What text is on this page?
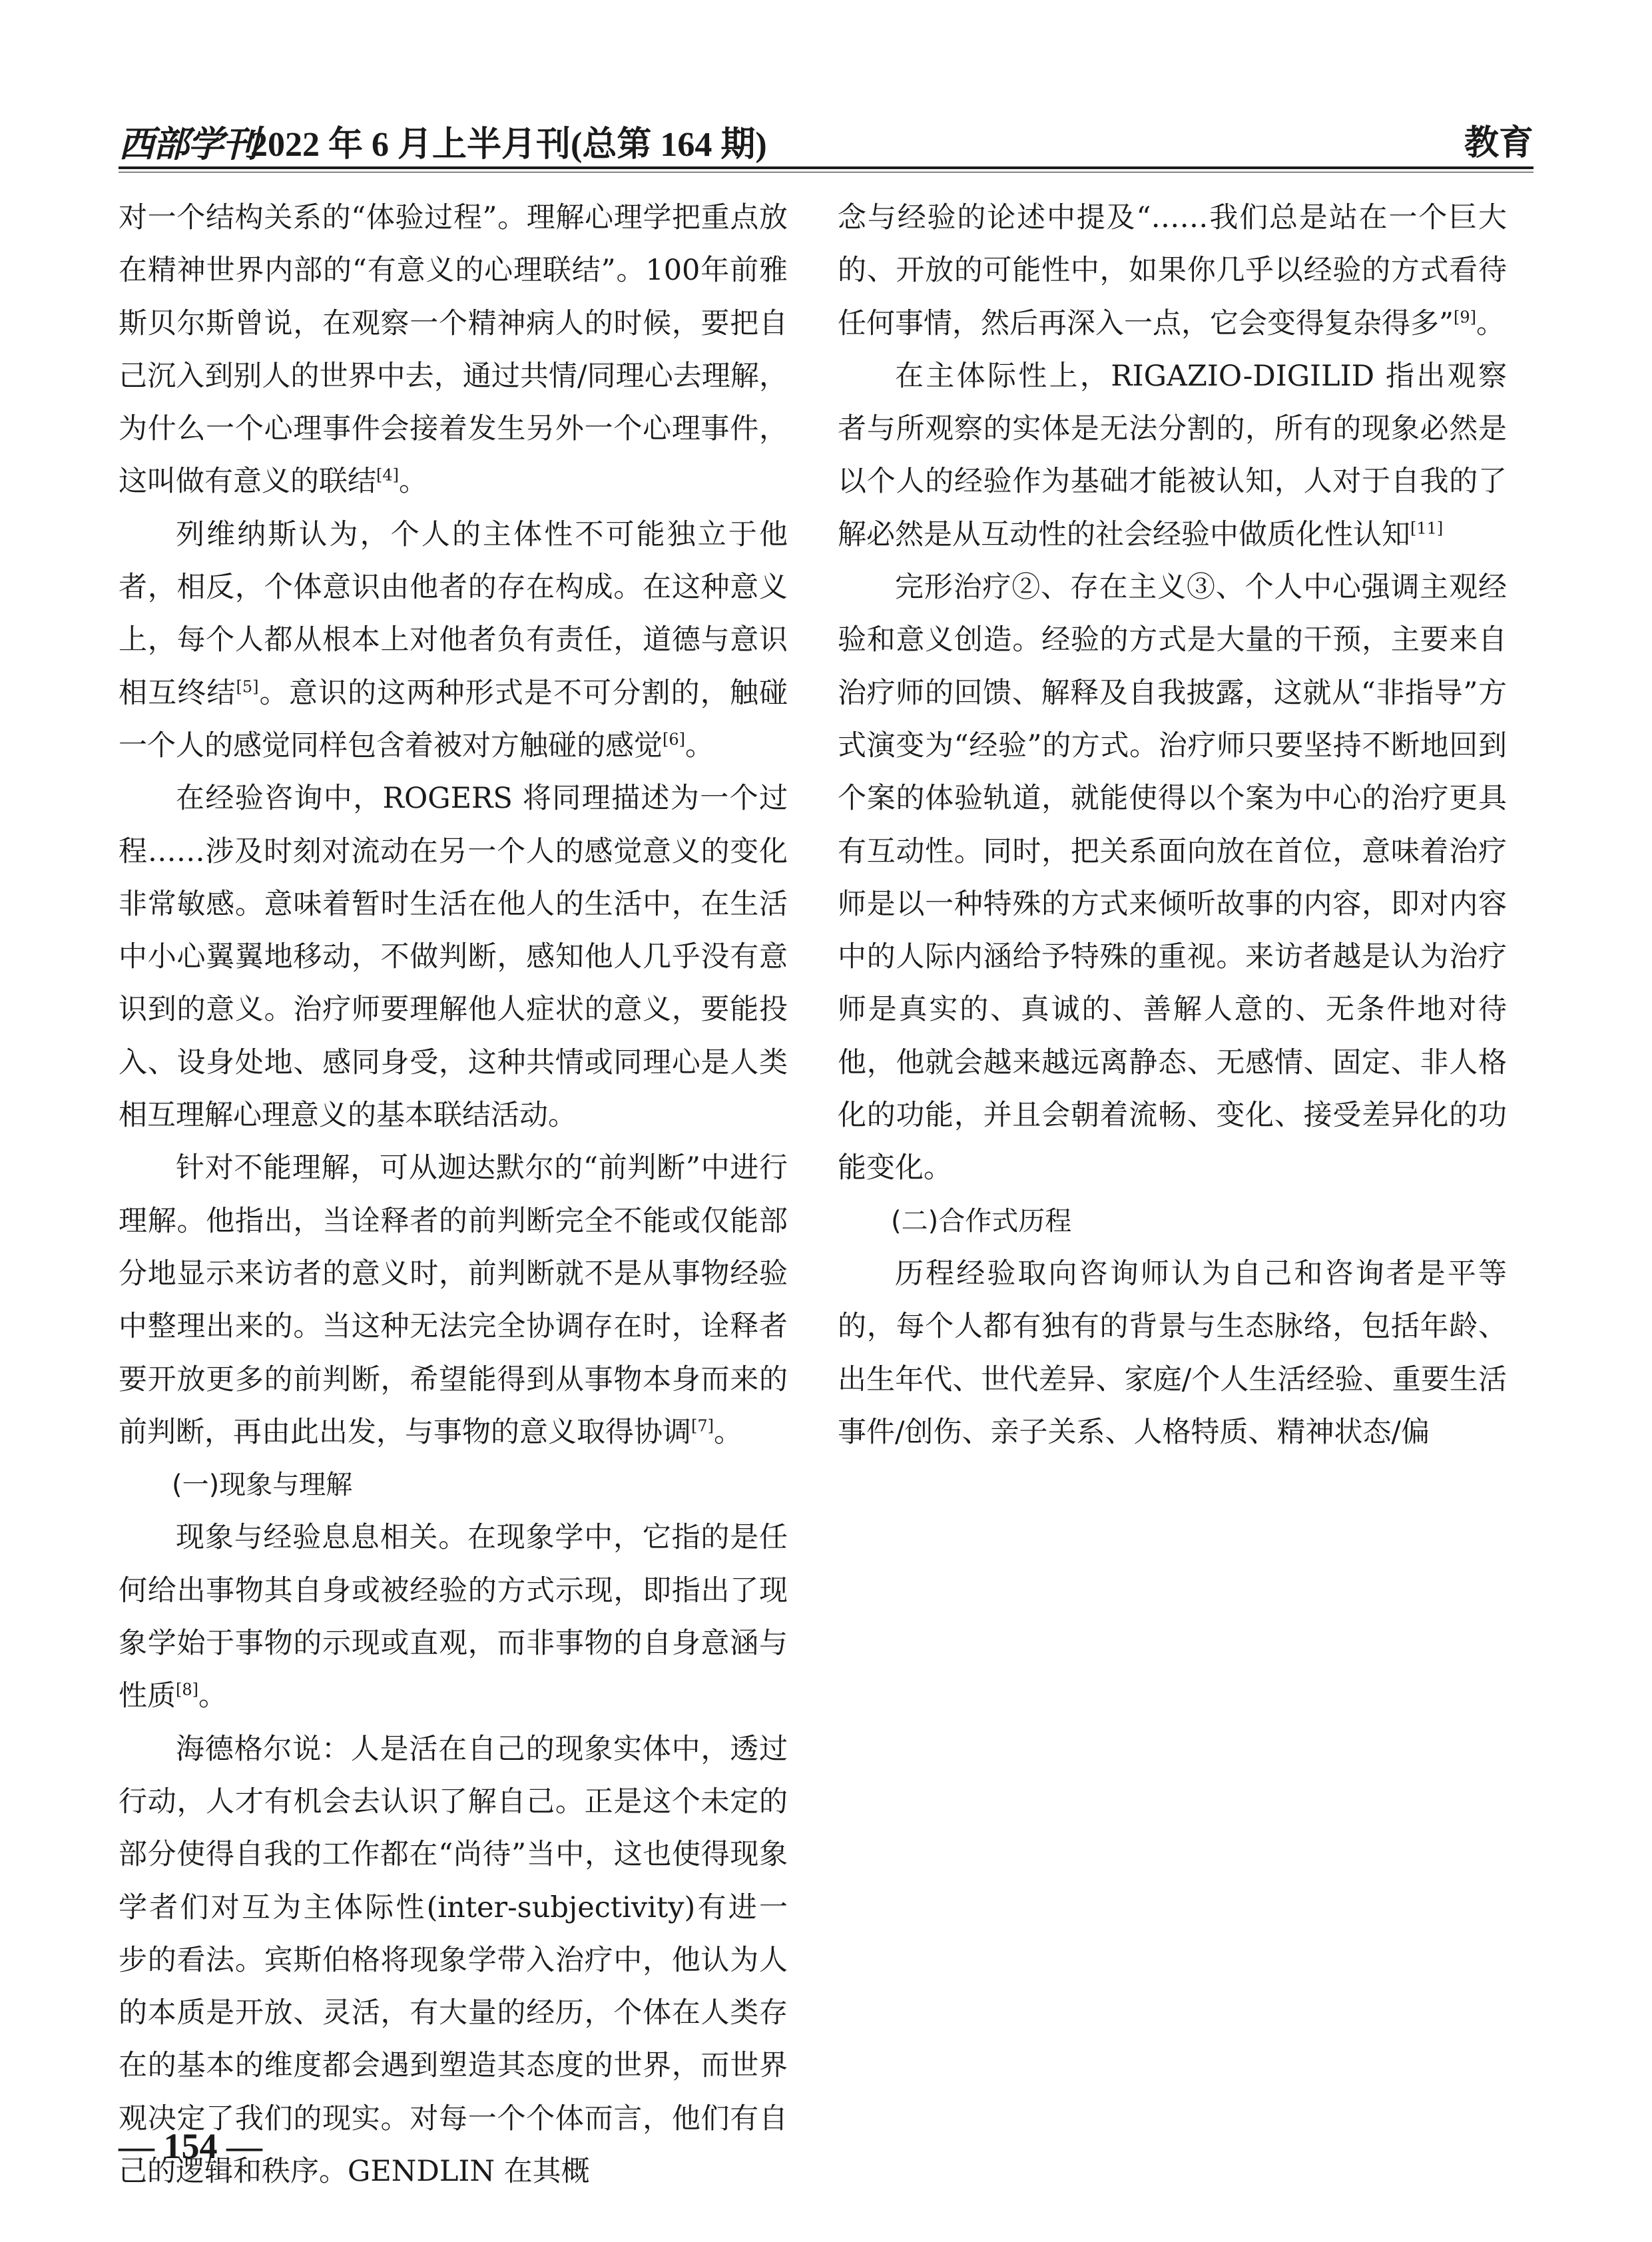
西部学刊
2022 年 6 月上半月刊(总第 164 期)	教育

对一个结构关系的“体验过程”。理解心理学把重点放在精神世界内部的“有意义的心理联结”。100年前雅斯贝尔斯曾说，在观察一个精神病人的时候，要把自己沉入到别人的世界中去，通过共情/同理心去理解，为什么一个心理事件会接着发生另外一个心理事件，这叫做有意义的联结[4]。

列维纳斯认为，个人的主体性不可能独立于他者，相反，个体意识由他者的存在构成。在这种意义上，每个人都从根本上对他者负有责任，道德与意识相互终结[5]。意识的这两种形式是不可分割的，触碰一个人的感觉同样包含着被对方触碰的感觉[6]。

在经验咨询中，ROGERS 将同理描述为一个过程……涉及时刻对流动在另一个人的感觉意义的变化非常敏感。意味着暂时生活在他人的生活中，在生活中小心翼翼地移动，不做判断，感知他人几乎没有意识到的意义。治疗师要理解他人症状的意义，要能投入、设身处地、感同身受，这种共情或同理心是人类相互理解心理意义的基本联结活动。

针对不能理解，可从迦达默尔的“前判断”中进行理解。他指出，当诠释者的前判断完全不能或仅能部分地显示来访者的意义时，前判断就不是从事物经验中整理出来的。当这种无法完全协调存在时，诠释者要开放更多的前判断，希望能得到从事物本身而来的前判断，再由此出发，与事物的意义取得协调[7]。

(一)现象与理解

现象与经验息息相关。在现象学中，它指的是任何给出事物其自身或被经验的方式示现，即指出了现象学始于事物的示现或直观，而非事物的自身意涵与性质[8]。

海德格尔说：人是活在自己的现象实体中，透过行动，人才有机会去认识了解自己。正是这个未定的部分使得自我的工作都在“尚待”当中，这也使得现象学者们对互为主体际性(inter-subjectivity)有进一步的看法。宾斯伯格将现象学带入治疗中，他认为人的本质是开放、灵活，有大量的经历，个体在人类存在的基本的维度都会遇到塑造其态度的世界，而世界观决定了我们的现实。对每一个个体而言，他们有自己的逻辑和秩序。GENDLIN 在其概

念与经验的论述中提及“……我们总是站在一个巨大的、开放的可能性中，如果你几乎以经验的方式看待任何事情，然后再深入一点，它会变得复杂得多”[9]。

在主体际性上，RIGAZIO-DIGILID 指出观察者与所观察的实体是无法分割的，所有的现象必然是以个人的经验作为基础才能被认知，人对于自我的了解必然是从互动性的社会经验中做质化性认知[11]

完形治疗②、存在主义③、个人中心强调主观经验和意义创造。经验的方式是大量的干预，主要来自治疗师的回馈、解释及自我披露，这就从“非指导”方式演变为“经验”的方式。治疗师只要坚持不断地回到个案的体验轨道，就能使得以个案为中心的治疗更具有互动性。同时，把关系面向放在首位，意味着治疗师是以一种特殊的方式来倾听故事的内容，即对内容中的人际内涵给予特殊的重视。来访者越是认为治疗师是真实的、真诚的、善解人意的、无条件地对待他，他就会越来越远离静态、无感情、固定、非人格化的功能，并且会朝着流畅、变化、接受差异化的功能变化。

(二)合作式历程

历程经验取向咨询师认为自己和咨询者是平等的，每个人都有独有的背景与生态脉络，包括年龄、出生年代、世代差异、家庭/个人生活经验、重要生活事件/创伤、亲子关系、人格特质、精神状态/偏

— 154 —
